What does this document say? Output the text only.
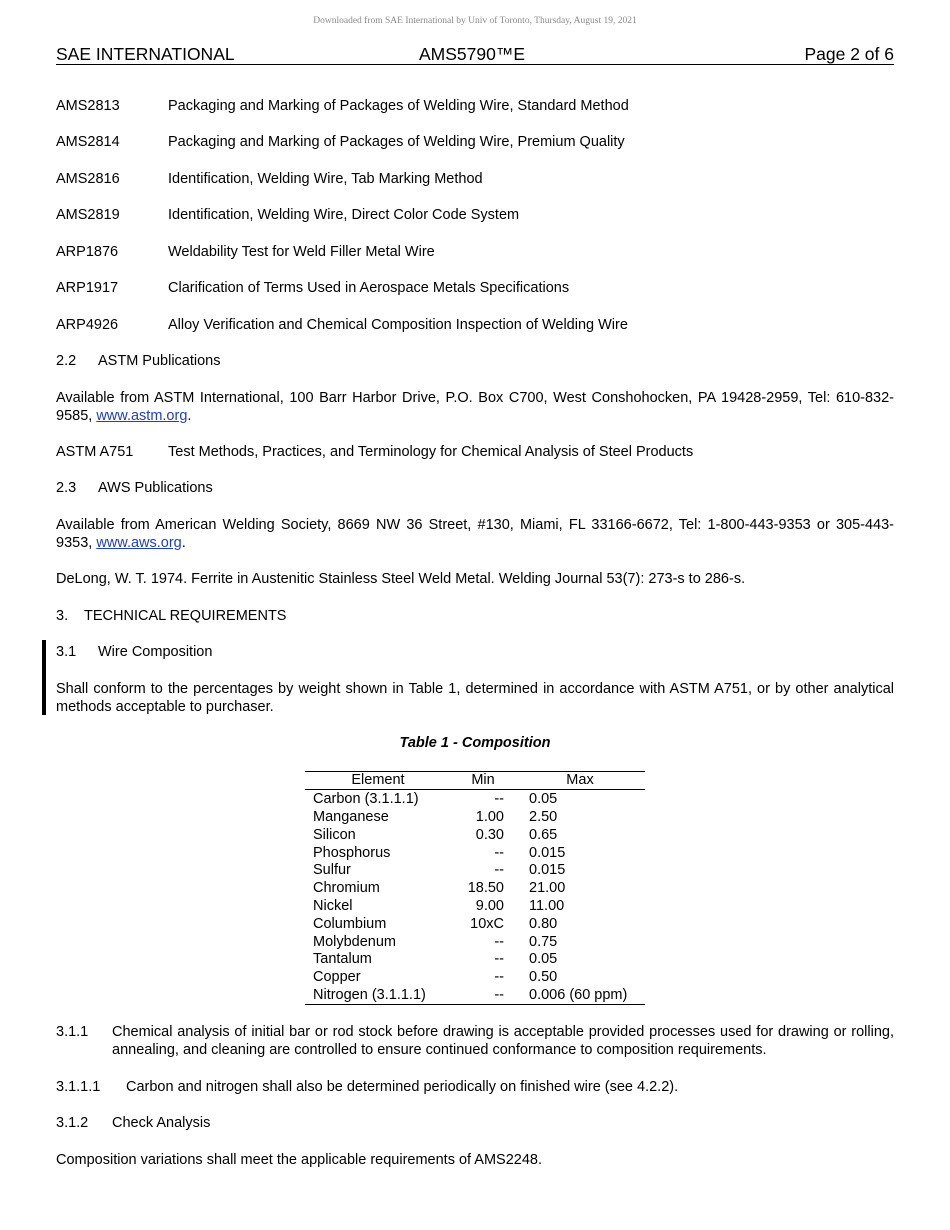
Downloaded from SAE International by Univ of Toronto, Thursday, August 19, 2021
SAE INTERNATIONAL	AMS5790™E	Page 2 of 6
AMS2813	Packaging and Marking of Packages of Welding Wire, Standard Method
AMS2814	Packaging and Marking of Packages of Welding Wire, Premium Quality
AMS2816	Identification, Welding Wire, Tab Marking Method
AMS2819	Identification, Welding Wire, Direct Color Code System
ARP1876	Weldability Test for Weld Filler Metal Wire
ARP1917	Clarification of Terms Used in Aerospace Metals Specifications
ARP4926	Alloy Verification and Chemical Composition Inspection of Welding Wire
2.2 ASTM Publications
Available from ASTM International, 100 Barr Harbor Drive, P.O. Box C700, West Conshohocken, PA 19428-2959, Tel: 610-832-9585, www.astm.org.
ASTM A751 Test Methods, Practices, and Terminology for Chemical Analysis of Steel Products
2.3 AWS Publications
Available from American Welding Society, 8669 NW 36 Street, #130, Miami, FL 33166-6672, Tel: 1-800-443-9353 or 305-443-9353, www.aws.org.
DeLong, W. T. 1974. Ferrite in Austenitic Stainless Steel Weld Metal. Welding Journal 53(7): 273-s to 286-s.
3. TECHNICAL REQUIREMENTS
3.1 Wire Composition
Shall conform to the percentages by weight shown in Table 1, determined in accordance with ASTM A751, or by other analytical methods acceptable to purchaser.
Table 1 - Composition
Element	Min	Max
Carbon (3.1.1.1)	-- 0.05
Manganese	1.00 2.50
Silicon	0.30 0.65
Phosphorus	-- 0.015
Sulfur	-- 0.015
Chromium	18.50 21.00
Nickel	9.00 11.00
Columbium	10xC 0.80
Molybdenum	-- 0.75
Tantalum	-- 0.05
Copper	-- 0.50
Nitrogen (3.1.1.1)	-- 0.006 (60 ppm)
3.1.1 Chemical analysis of initial bar or rod stock before drawing is acceptable provided processes used for drawing or rolling, annealing, and cleaning are controlled to ensure continued conformance to composition requirements.
3.1.1.1 Carbon and nitrogen shall also be determined periodically on finished wire (see 4.2.2).
3.1.2 Check Analysis
Composition variations shall meet the applicable requirements of AMS2248.
